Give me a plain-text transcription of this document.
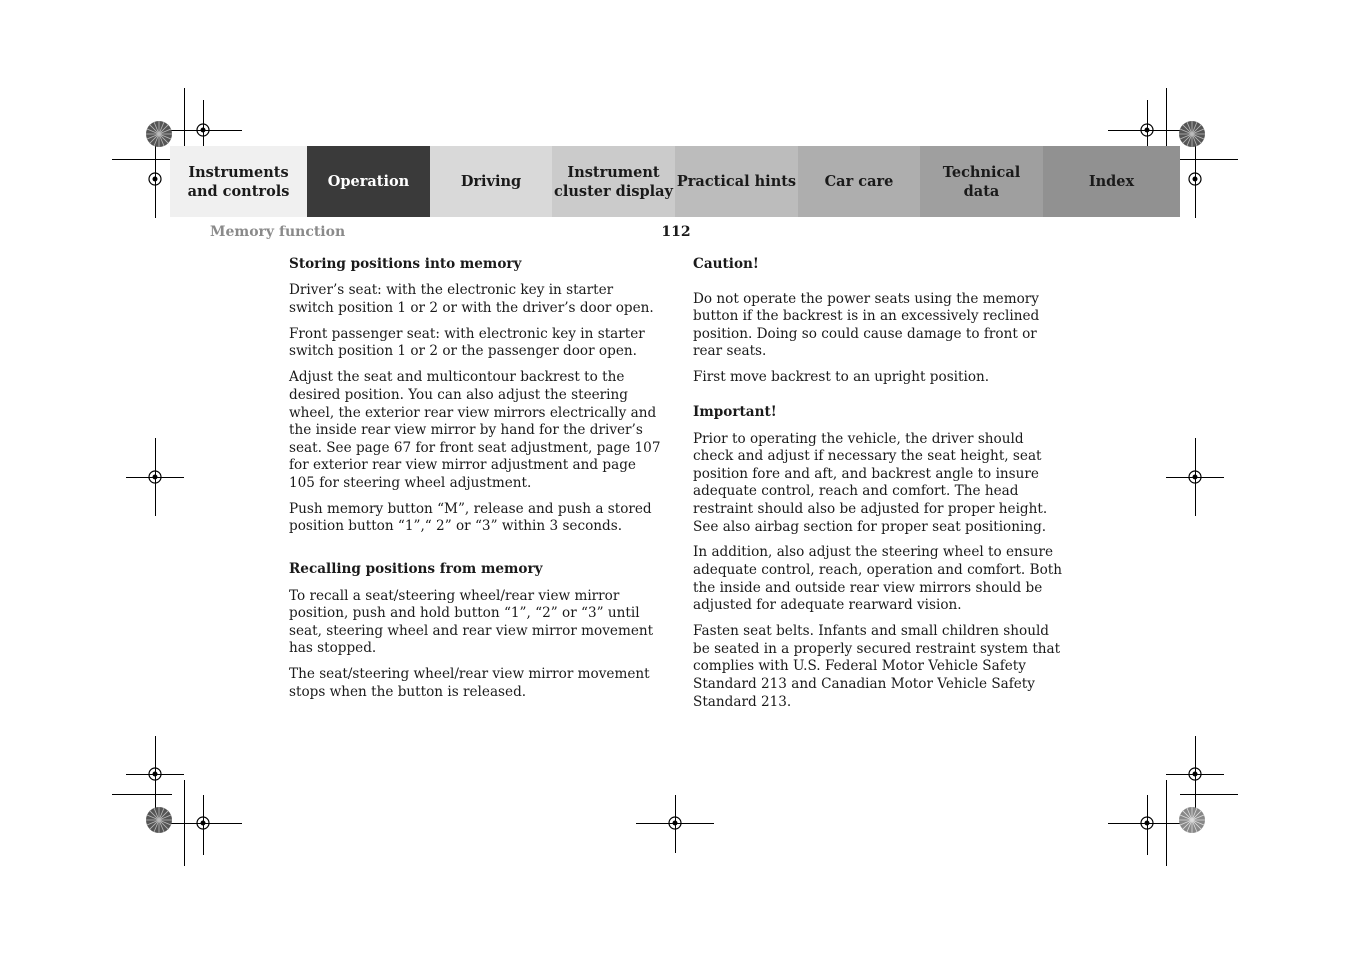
Instruments
and controls
Operation	Driving
Instrument
cluster display
Practical hints Car care
Technical
data
Index
Memory function	112
Storing positions into memory

Driver’s seat: with the electronic key in starter switch position 1 or 2 or with the driver’s door open.

Front passenger seat: with electronic key in starter switch position 1 or 2 or the passenger door open.

Adjust the seat and multicontour backrest to the desired position. You can also adjust the steering wheel, the exterior rear view mirrors electrically and the inside rear view mirror by hand for the driver’s seat. See page 67 for front seat adjustment, page 107 for exterior rear view mirror adjustment and page 105 for steering wheel adjustment.

Push memory button “M”, release and push a stored position button “1”,“ 2” or “3” within 3 seconds.

Recalling positions from memory

To recall a seat/steering wheel/rear view mirror position, push and hold button “1”, “2” or “3” until seat, steering wheel and rear view mirror movement has stopped.

The seat/steering wheel/rear view mirror movement stops when the button is released.

Caution!

Do not operate the power seats using the memory button if the backrest is in an excessively reclined position. Doing so could cause damage to front or rear seats.

First move backrest to an upright position.

Important!

Prior to operating the vehicle, the driver should check and adjust if necessary the seat height, seat position fore and aft, and backrest angle to insure adequate control, reach and comfort. The head restraint should also be adjusted for proper height. See also airbag section for proper seat positioning.

In addition, also adjust the steering wheel to ensure adequate control, reach, operation and comfort. Both the inside and outside rear view mirrors should be adjusted for adequate rearward vision.

Fasten seat belts. Infants and small children should be seated in a properly secured restraint system that complies with U.S. Federal Motor Vehicle Safety Standard 213 and Canadian Motor Vehicle Safety Standard 213.
